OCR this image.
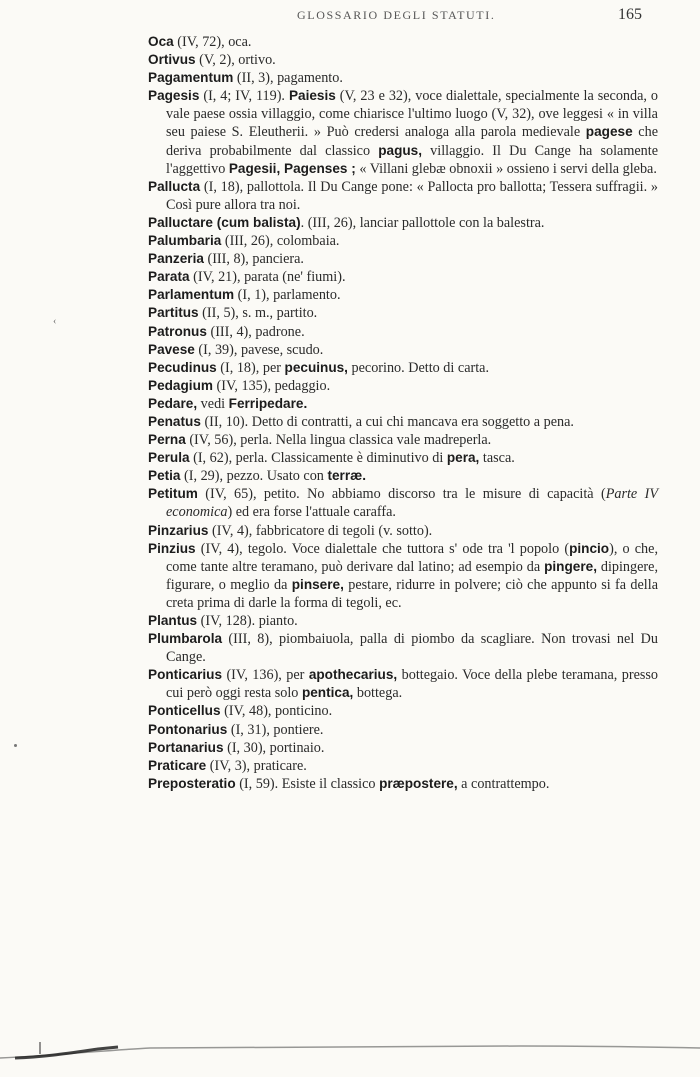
GLOSSARIO DEGLI STATUTI.	165
‹
Oca (IV, 72), oca.
Ortivus (V, 2), ortivo.
Pagamentum (II, 3), pagamento.
Pagesis (I, 4; IV, 119). Paiesis (V, 23 e 32), voce dialettale, specialmente la seconda, o vale paese ossia villaggio, come chiarisce l'ultimo luogo (V, 32), ove leggesi « in villa seu paiese S. Eleutherii. » Può credersi analoga alla parola medievale pagese che deriva probabilmente dal classico pagus, villaggio. Il Du Cange ha solamente l'aggettivo Pagesii, Pagenses ; « Villani glebæ obnoxii » ossieno i servi della gleba.
Pallucta (I, 18), pallottola. Il Du Cange pone: « Pallocta pro ballotta; Tessera suffragii. » Così pure allora tra noi.
Palluctare (cum balista). (III, 26), lanciar pallottole con la balestra.
Palumbaria (III, 26), colombaia.
Panzeria (III, 8), panciera.
Parata (IV, 21), parata (ne' fiumi).
Parlamentum (I, 1), parlamento.
Partitus (II, 5), s. m., partito.
Patronus (III, 4), padrone.
Pavese (I, 39), pavese, scudo.
Pecudinus (I, 18), per pecuinus, pecorino. Detto di carta.
Pedagium (IV, 135), pedaggio.
Pedare, vedi Ferripedare.
Penatus (II, 10). Detto di contratti, a cui chi mancava era soggetto a pena.
Perna (IV, 56), perla. Nella lingua classica vale madreperla.
Perula (I, 62), perla. Classicamente è diminutivo di pera, tasca.
Petia (I, 29), pezzo. Usato con terræ.
Petitum (IV, 65), petito. No abbiamo discorso tra le misure di capacità (Parte IV economica) ed era forse l'attuale caraffa.
Pinzarius (IV, 4), fabbricatore di tegoli (v. sotto).
Pinzius (IV, 4), tegolo. Voce dialettale che tuttora s' ode tra 'l popolo (pincio), o che, come tante altre teramano, può derivare dal latino; ad esempio da pingere, dipingere, figurare, o meglio da pinsere, pestare, ridurre in polvere; ciò che appunto si fa della creta prima di darle la forma di tegoli, ec.
Plantus (IV, 128). pianto.
Plumbarola (III, 8), piombaiuola, palla di piombo da scagliare. Non trovasi nel Du Cange.
Ponticarius (IV, 136), per apothecarius, bottegaio. Voce della plebe teramana, presso cui però oggi resta solo pentica, bottega.
Ponticellus (IV, 48), ponticino.
Pontonarius (I, 31), pontiere.
Portanarius (I, 30), portinaio.
Praticare (IV, 3), praticare.
Preposteratio (I, 59). Esiste il classico præpostere, a contrattempo.
